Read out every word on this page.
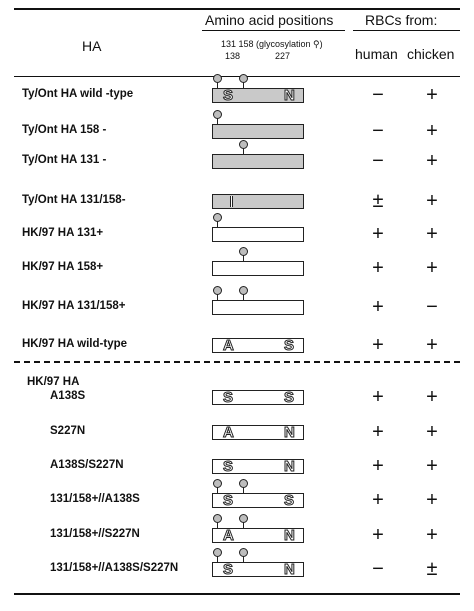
HA
Amino acid positions RBCs from:
131 158 (glycosylation ⚲)
138	227	human chicken
HK/97 HA
Ty/Ont HA wild -type	S	N	−	+
Ty/Ont HA 158 -	−	+
Ty/Ont HA 131 -	−	+
Ty/Ont HA 131/158-	±	+
HK/97 HA 131+	+	+
HK/97 HA 158+	+	+
HK/97 HA 131/158+	+	−
HK/97 HA wild-type	A	S	+	+
A138S	S	S	+	+
S227N	A	N	+	+
A138S/S227N	S	N	+	+
131/158+//A138S	S	S	+	+
131/158+//S227N	A	N	+	+
131/158+//A138S/S227N	S	N	−	±
